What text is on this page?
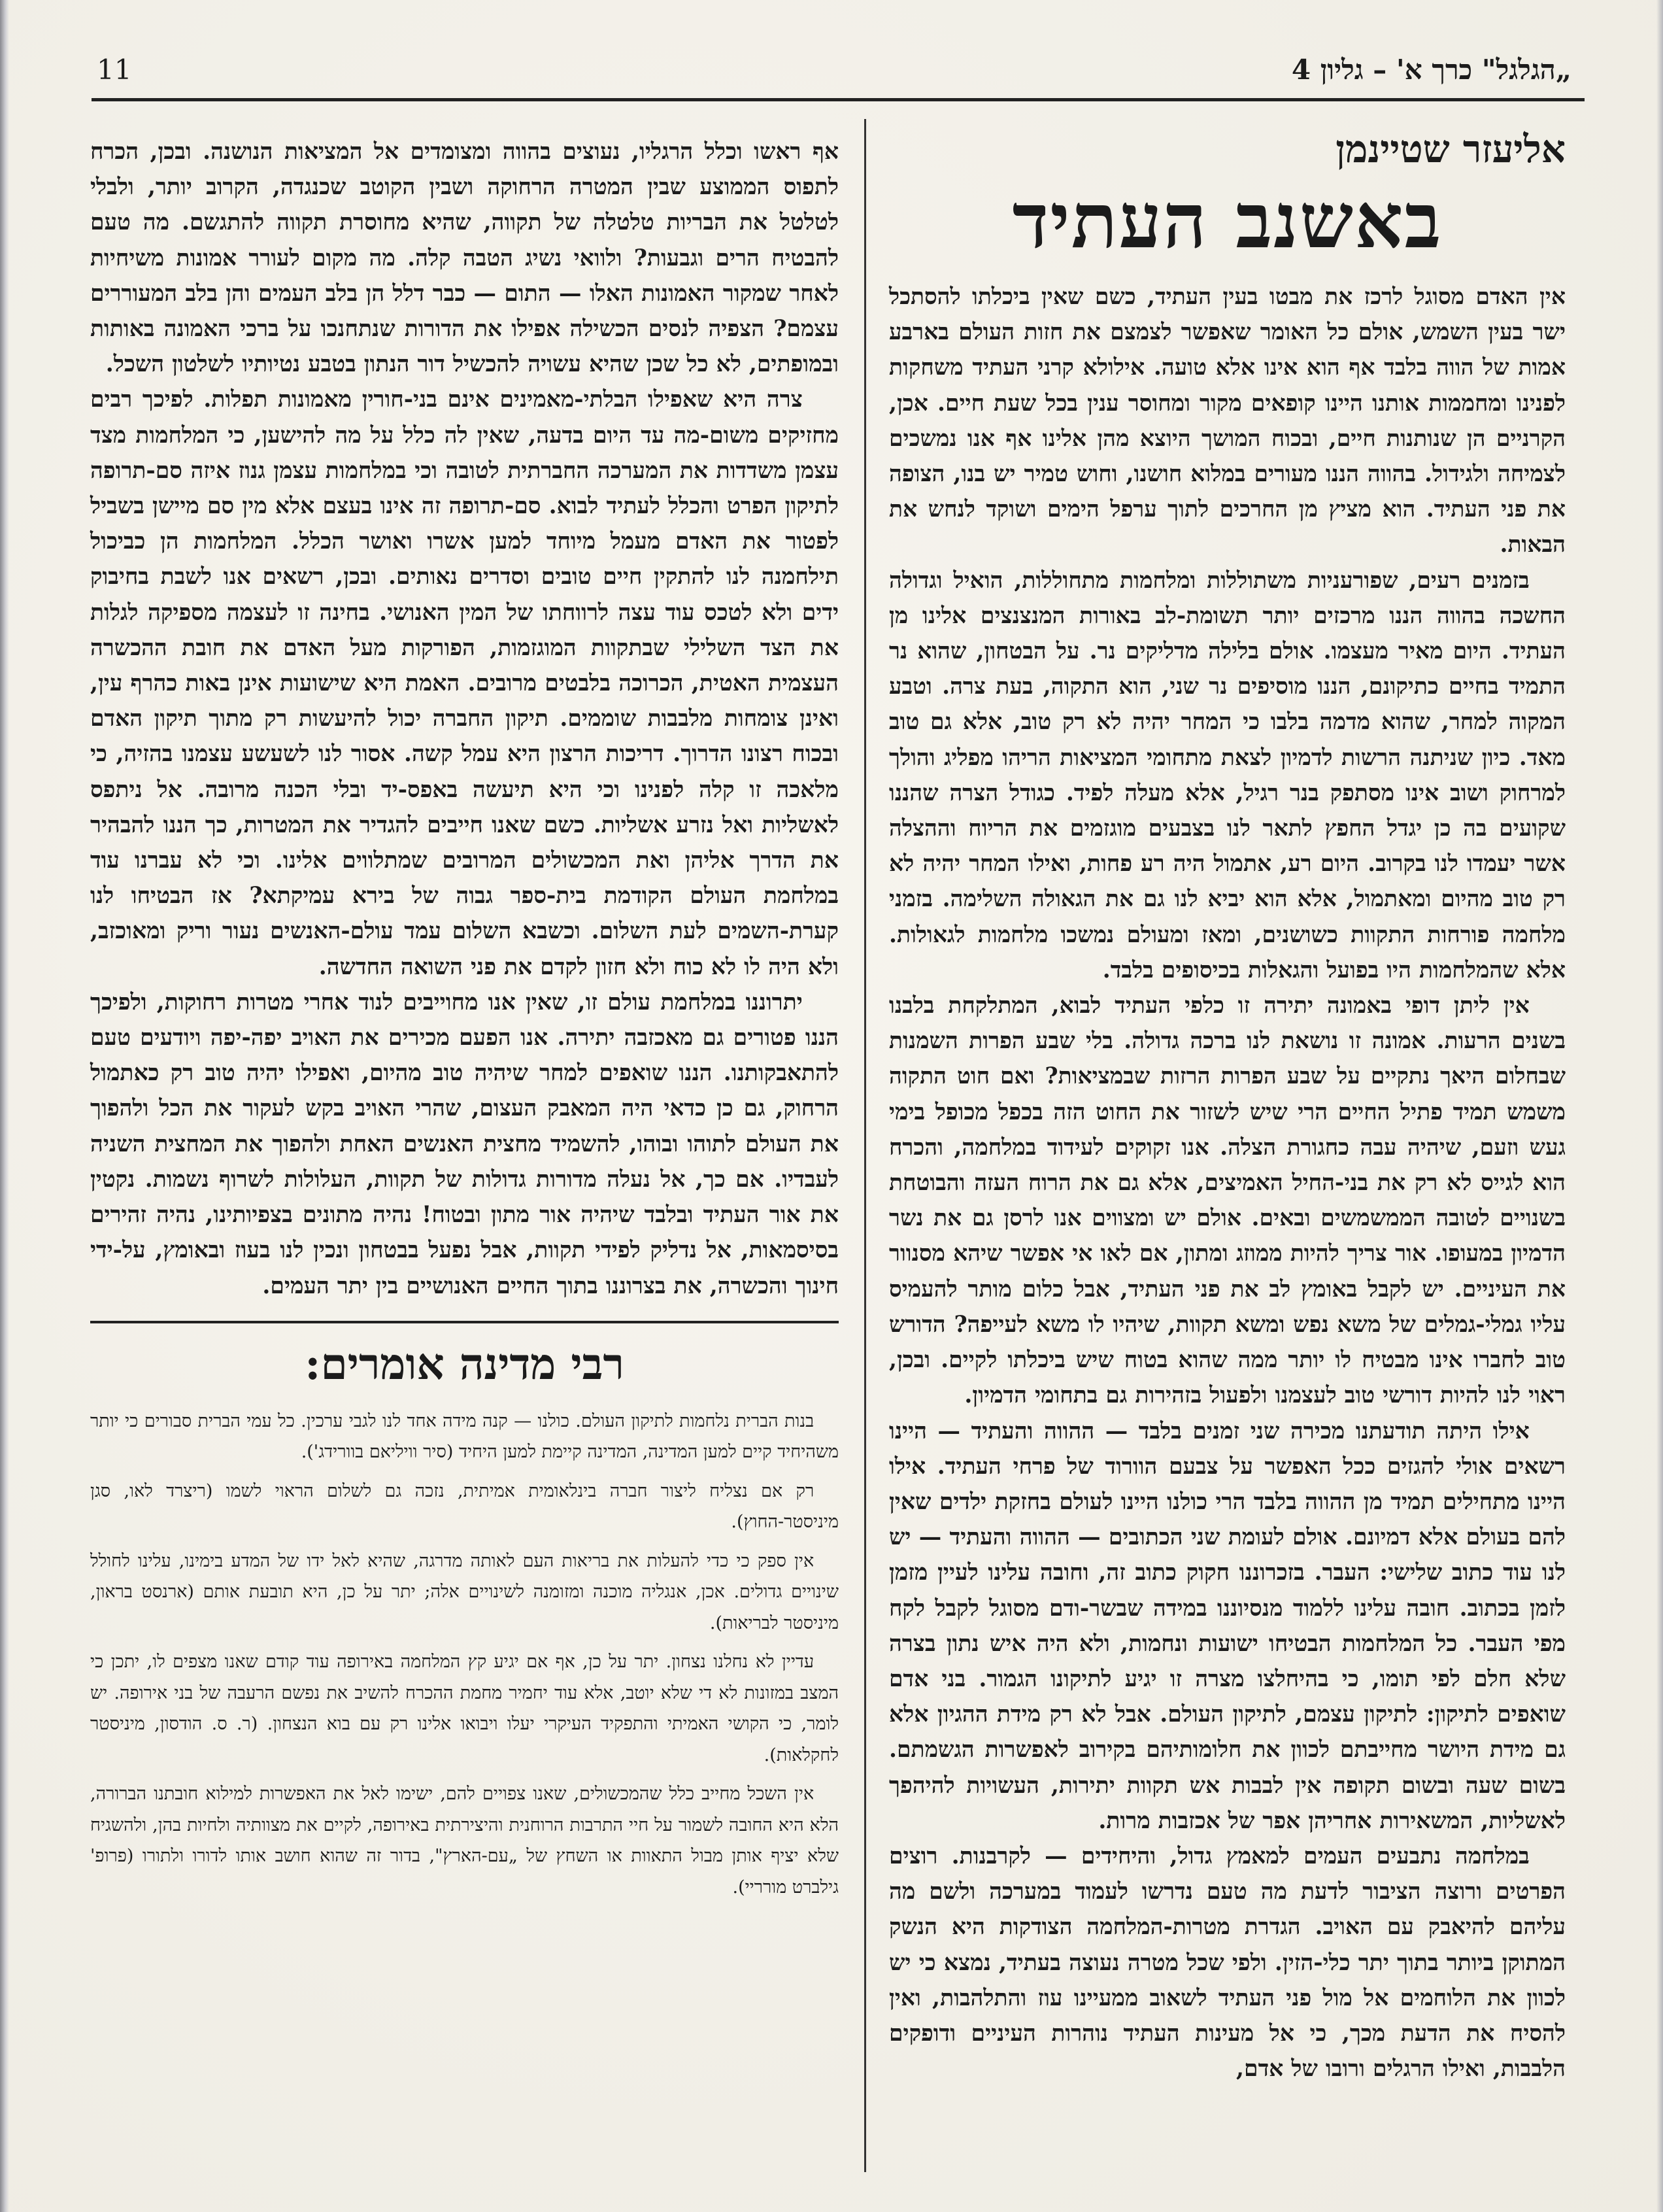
11	„הגלגל" כרך א' – גליון 4
אליעזר שטיינמן
באשנב העתיד

אין האדם מסוגל לרכז את מבטו בעין העתיד, כשם שאין ביכלתו להסתכל ישר בעין השמש, אולם כל האומר שאפשר לצמצם את חזות העולם בארבע אמות של הווה בלבד אף הוא אינו אלא טועה. אילולא קרני העתיד משחקות לפנינו ומחממות אותנו היינו קופאים מקור ומחוסר ענין בכל שעת חיים. אכן, הקרניים הן שנותנות חיים, ובכוח המושך היוצא מהן אלינו אף אנו נמשכים לצמיחה ולגידול. בהווה הננו מעורים במלוא חושנו, וחוש טמיר יש בנו, הצופה את פני העתיד. הוא מציץ מן החרכים לתוך ערפל הימים ושוקד לנחש את הבאות.

בזמנים רעים, שפורעניות משתוללות ומלחמות מתחוללות, הואיל וגדולה החשכה בהווה הננו מרכזים יותר תשומת-לב באורות המנצנצים אלינו מן העתיד. היום מאיר מעצמו. אולם בלילה מדליקים נר. על הבטחון, שהוא נר התמיד בחיים כתיקונם, הננו מוסיפים נר שני, הוא התקוה, בעת צרה. וטבע המקוה למחר, שהוא מדמה בלבו כי המחר יהיה לא רק טוב, אלא גם טוב מאד. כיון שניתנה הרשות לדמיון לצאת מתחומי המציאות הריהו מפליג והולך למרחוק ושוב אינו מסתפק בנר רגיל, אלא מעלה לפיד. כגודל הצרה שהננו שקועים בה כן יגדל החפץ לתאר לנו בצבעים מוגזמים את הריוח וההצלה אשר יעמדו לנו בקרוב. היום רע, אתמול היה רע פחות, ואילו המחר יהיה לא רק טוב מהיום ומאתמול, אלא הוא יביא לנו גם את הגאולה השלימה. בזמני מלחמה פורחות התקוות כשושנים, ומאז ומעולם נמשכו מלחמות לגאולות. אלא שהמלחמות היו בפועל והגאלות בכיסופים בלבד.

אין ליתן דופי באמונה יתירה זו כלפי העתיד לבוא, המתלקחת בלבנו בשנים הרעות. אמונה זו נושאת לנו ברכה גדולה. בלי שבע הפרות השמנות שבחלום היאך נתקיים על שבע הפרות הרזות שבמציאות? ואם חוט התקוה משמש תמיד פתיל החיים הרי שיש לשזור את החוט הזה בכפל מכופל בימי געש וזעם, שיהיה עבה כחגורת הצלה. אנו זקוקים לעידוד במלחמה, והכרח הוא לגייס לא רק את בני-החיל האמיצים, אלא גם את הרוח העזה והבוטחת בשנויים לטובה הממשמשים ובאים. אולם יש ומצווים אנו לרסן גם את נשר הדמיון במעופו. אור צריך להיות ממוזג ומתון, אם לאו אי אפשר שיהא מסנוור את העיניים. יש לקבל באומץ לב את פני העתיד, אבל כלום מותר להעמיס עליו גמלי-גמלים של משא נפש ומשא תקוות, שיהיו לו משא לעייפה? הדורש טוב לחברו אינו מבטיח לו יותר ממה שהוא בטוח שיש ביכלתו לקיים. ובכן, ראוי לנו להיות דורשי טוב לעצמנו ולפעול בזהירות גם בתחומי הדמיון.

אילו היתה תודעתנו מכירה שני זמנים בלבד — ההווה והעתיד — היינו רשאים אולי להגזים ככל האפשר על צבעם הוורוד של פרחי העתיד. אילו היינו מתחילים תמיד מן ההווה בלבד הרי כולנו היינו לעולם בחזקת ילדים שאין להם בעולם אלא דמיונם. אולם לעומת שני הכתובים — ההווה והעתיד — יש לנו עוד כתוב שלישי: העבר. בזכרוננו חקוק כתוב זה, וחובה עלינו לעיין מזמן לזמן בכתוב. חובה עלינו ללמוד מנסיוננו במידה שבשר-ודם מסוגל לקבל לקח מפי העבר. כל המלחמות הבטיחו ישועות ונחמות, ולא היה איש נתון בצרה שלא חלם לפי תומו, כי בהיחלצו מצרה זו יגיע לתיקונו הגמור. בני אדם שואפים לתיקון: לתיקון עצמם, לתיקון העולם. אבל לא רק מידת ההגיון אלא גם מידת היושר מחייבתם לכוון את חלומותיהם בקירוב לאפשרות הגשמתם. בשום שעה ובשום תקופה אין לבבות אש תקוות יתירות, העשויות להיהפך לאשליות, המשאירות אחריהן אפר של אכזבות מרות.

במלחמה נתבעים העמים למאמץ גדול, והיחידים — לקרבנות. רוצים הפרטים ורוצה הציבור לדעת מה טעם נדרשו לעמוד במערכה ולשם מה עליהם להיאבק עם האויב. הגדרת מטרות-המלחמה הצודקות היא הנשק המתוקן ביותר בתוך יתר כלי-הזין. ולפי שכל מטרה נעוצה בעתיד, נמצא כי יש לכוון את הלוחמים אל מול פני העתיד לשאוב ממעיינו עוז והתלהבות, ואין להסיח את הדעת מכך, כי אל מעינות העתיד נוהרות העיניים ודופקים הלבבות, ואילו הרגלים ורובו של אדם,

אף ראשו וכלל הרגליו, נעוצים בהווה ומצומדים אל המציאות הנושנה. ובכן, הכרח לתפוס הממוצע שבין המטרה הרחוקה ושבין הקוטב שכנגדה, הקרוב יותר, ולבלי לטלטל את הבריות טלטלה של תקווה, שהיא מחוסרת תקווה להתגשם. מה טעם להבטיח הרים וגבעות? ולוואי נשיג הטבה קלה. מה מקום לעורר אמונות משיחיות לאחר שמקור האמונות האלו — התום — כבר דלל הן בלב העמים והן בלב המעוררים עצמם? הצפיה לנסים הכשילה אפילו את הדורות שנתחנכו על ברכי האמונה באותות ובמופתים, לא כל שכן שהיא עשויה להכשיל דור הנתון בטבע נטיותיו לשלטון השכל.

צרה היא שאפילו הבלתי-מאמינים אינם בני-חורין מאמונות תפלות. לפיכך רבים מחזיקים משום-מה עד היום בדעה, שאין לה כלל על מה להישען, כי המלחמות מצד עצמן משדדות את המערכה החברתית לטובה וכי במלחמות עצמן גנוז איזה סם-תרופה לתיקון הפרט והכלל לעתיד לבוא. סם-תרופה זה אינו בעצם אלא מין סם מיישן בשביל לפטור את האדם מעמל מיוחד למען אשרו ואושר הכלל. המלחמות הן כביכול תילחמנה לנו להתקין חיים טובים וסדרים נאותים. ובכן, רשאים אנו לשבת בחיבוק ידים ולא לטכס עוד עצה לרווחתו של המין האנושי. בחינה זו לעצמה מספיקה לגלות את הצד השלילי שבתקוות המוגזמות, הפורקות מעל האדם את חובת ההכשרה העצמית האטית, הכרוכה בלבטים מרובים. האמת היא שישועות אינן באות כהרף עין, ואינן צומחות מלבבות שוממים. תיקון החברה יכול להיעשות רק מתוך תיקון האדם ובכוח רצונו הדרוך. דריכות הרצון היא עמל קשה. אסור לנו לשעשע עצמנו בהזיה, כי מלאכה זו קלה לפנינו וכי היא תיעשה באפס-יד ובלי הכנה מרובה. אל ניתפס לאשליות ואל נזרע אשליות. כשם שאנו חייבים להגדיר את המטרות, כך הננו להבהיר את הדרך אליהן ואת המכשולים המרובים שמתלווים אלינו. וכי לא עברנו עוד במלחמת העולם הקודמת בית-ספר גבוה של בירא עמיקתא? אז הבטיחו לנו קערת-השמים לעת השלום. וכשבא השלום עמד עולם-האנשים נעור וריק ומאוכזב, ולא היה לו לא כוח ולא חזון לקדם את פני השואה החדשה.

יתרוננו במלחמת עולם זו, שאין אנו מחוייבים לנוד אחרי מטרות רחוקות, ולפיכך הננו פטורים גם מאכזבה יתירה. אנו הפעם מכירים את האויב יפה-יפה ויודעים טעם להתאבקותנו. הננו שואפים למחר שיהיה טוב מהיום, ואפילו יהיה טוב רק כאתמול הרחוק, גם כן כדאי היה המאבק העצום, שהרי האויב בקש לעקור את הכל ולהפוך את העולם לתוהו ובוהו, להשמיד מחצית האנשים האחת ולהפוך את המחצית השניה לעבדיו. אם כך, אל נעלה מדורות גדולות של תקוות, העלולות לשרוף נשמות. נקטין את אור העתיד ובלבד שיהיה אור מתון ובטוח! נהיה מתונים בצפיותינו, נהיה זהירים בסיסמאות, אל נדליק לפידי תקוות, אבל נפעל בבטחון ונכין לנו בעוז ובאומץ, על-ידי חינוך והכשרה, את בצרוננו בתוך החיים האנושיים בין יתר העמים.

רבי מדינה אומרים:

בנות הברית נלחמות לתיקון העולם. כולנו — קנה מידה אחד לנו לגבי ערכין. כל עמי הברית סבורים כי יותר משהיחיד קיים למען המדינה, המדינה קיימת למען היחיד (סיר וויליאם בוורידג').

רק אם נצליח ליצור חברה בינלאומית אמיתית, נזכה גם לשלום הראוי לשמו (ריצרד לאו, סגן מיניסטר-החוץ).

אין ספק כי כדי להעלות את בריאות העם לאותה מדרגה, שהיא לאל ידו של המדע בימינו, עלינו לחולל שינויים גדולים. אכן, אנגליה מוכנה ומזומנה לשינויים אלה; יתר על כן, היא תובעת אותם (ארנסט בראון, מיניסטר לבריאות).

עדיין לא נחלנו נצחון. יתר על כן, אף אם יגיע קץ המלחמה באירופה עוד קודם שאנו מצפים לו, יתכן כי המצב במזונות לא די שלא יוטב, אלא עוד יחמיר מחמת ההכרח להשיב את נפשם הרעבה של בני אירופה. יש לומר, כי הקושי האמיתי והתפקיד העיקרי יעלו ויבואו אלינו רק עם בוא הנצחון. (ר. ס. הודסון, מיניסטר לחקלאות).

אין השכל מחייב כלל שהמכשולים, שאנו צפויים להם, ישימו לאל את האפשרות למילוא חובתנו הברורה, הלא היא החובה לשמור על חיי התרבות הרוחנית והיצירתית באירופה, לקיים את מצוותיה ולחיות בהן, ולהשגיח שלא יציף אותן מבול התאוות או השחץ של „עם-הארץ", בדור זה שהוא חושב אותו לדורו ולתורו (פרופ' גילברט מורריי).
